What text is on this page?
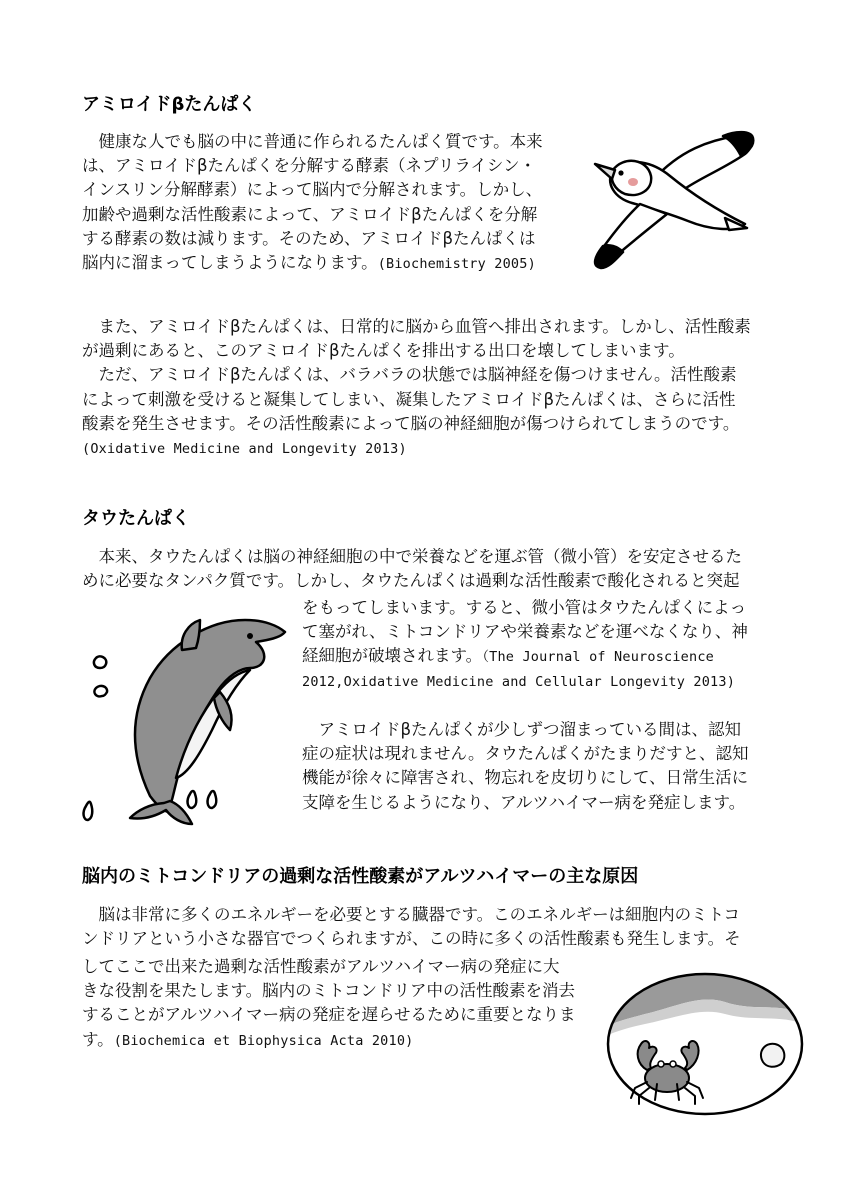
アミロイドβたんぱく
　健康な人でも脳の中に普通に作られるたんぱく質です。本来
は、アミロイドβたんぱくを分解する酵素（ネプリライシン・
インスリン分解酵素）によって脳内で分解されます。しかし、
加齢や過剰な活性酸素によって、アミロイドβたんぱくを分解
する酵素の数は減ります。そのため、アミロイドβたんぱくは
脳内に溜まってしまうようになります。(Biochemistry 2005)
　また、アミロイドβたんぱくは、日常的に脳から血管へ排出されます。しかし、活性酸素
が過剰にあると、このアミロイドβたんぱくを排出する出口を壊してしまいます。
　ただ、アミロイドβたんぱくは、バラバラの状態では脳神経を傷つけません。活性酸素
によって刺激を受けると凝集してしまい、凝集したアミロイドβたんぱくは、さらに活性
酸素を発生させます。その活性酸素によって脳の神経細胞が傷つけられてしまうのです。
(Oxidative Medicine and Longevity 2013)
タウたんぱく
　本来、タウたんぱくは脳の神経細胞の中で栄養などを運ぶ管（微小管）を安定させるた
めに必要なタンパク質です。しかし、タウたんぱくは過剰な活性酸素で酸化されると突起
をもってしまいます。すると、微小管はタウたんぱくによっ
て塞がれ、ミトコンドリアや栄養素などを運べなくなり、神
経細胞が破壊されます。（The Journal of Neuroscience
2012,Oxidative Medicine and Cellular Longevity 2013)
　アミロイドβたんぱくが少しずつ溜まっている間は、認知
症の症状は現れません。タウたんぱくがたまりだすと、認知
機能が徐々に障害され、物忘れを皮切りにして、日常生活に
支障を生じるようになり、アルツハイマー病を発症します。
脳内のミトコンドリアの過剰な活性酸素がアルツハイマーの主な原因
　脳は非常に多くのエネルギーを必要とする臓器です。このエネルギーは細胞内のミトコ
ンドリアという小さな器官でつくられますが、この時に多くの活性酸素も発生します。そ
してここで出来た過剰な活性酸素がアルツハイマー病の発症に大
きな役割を果たします。脳内のミトコンドリア中の活性酸素を消去
することがアルツハイマー病の発症を遅らせるために重要となりま
す。(Biochemica et Biophysica Acta 2010)
